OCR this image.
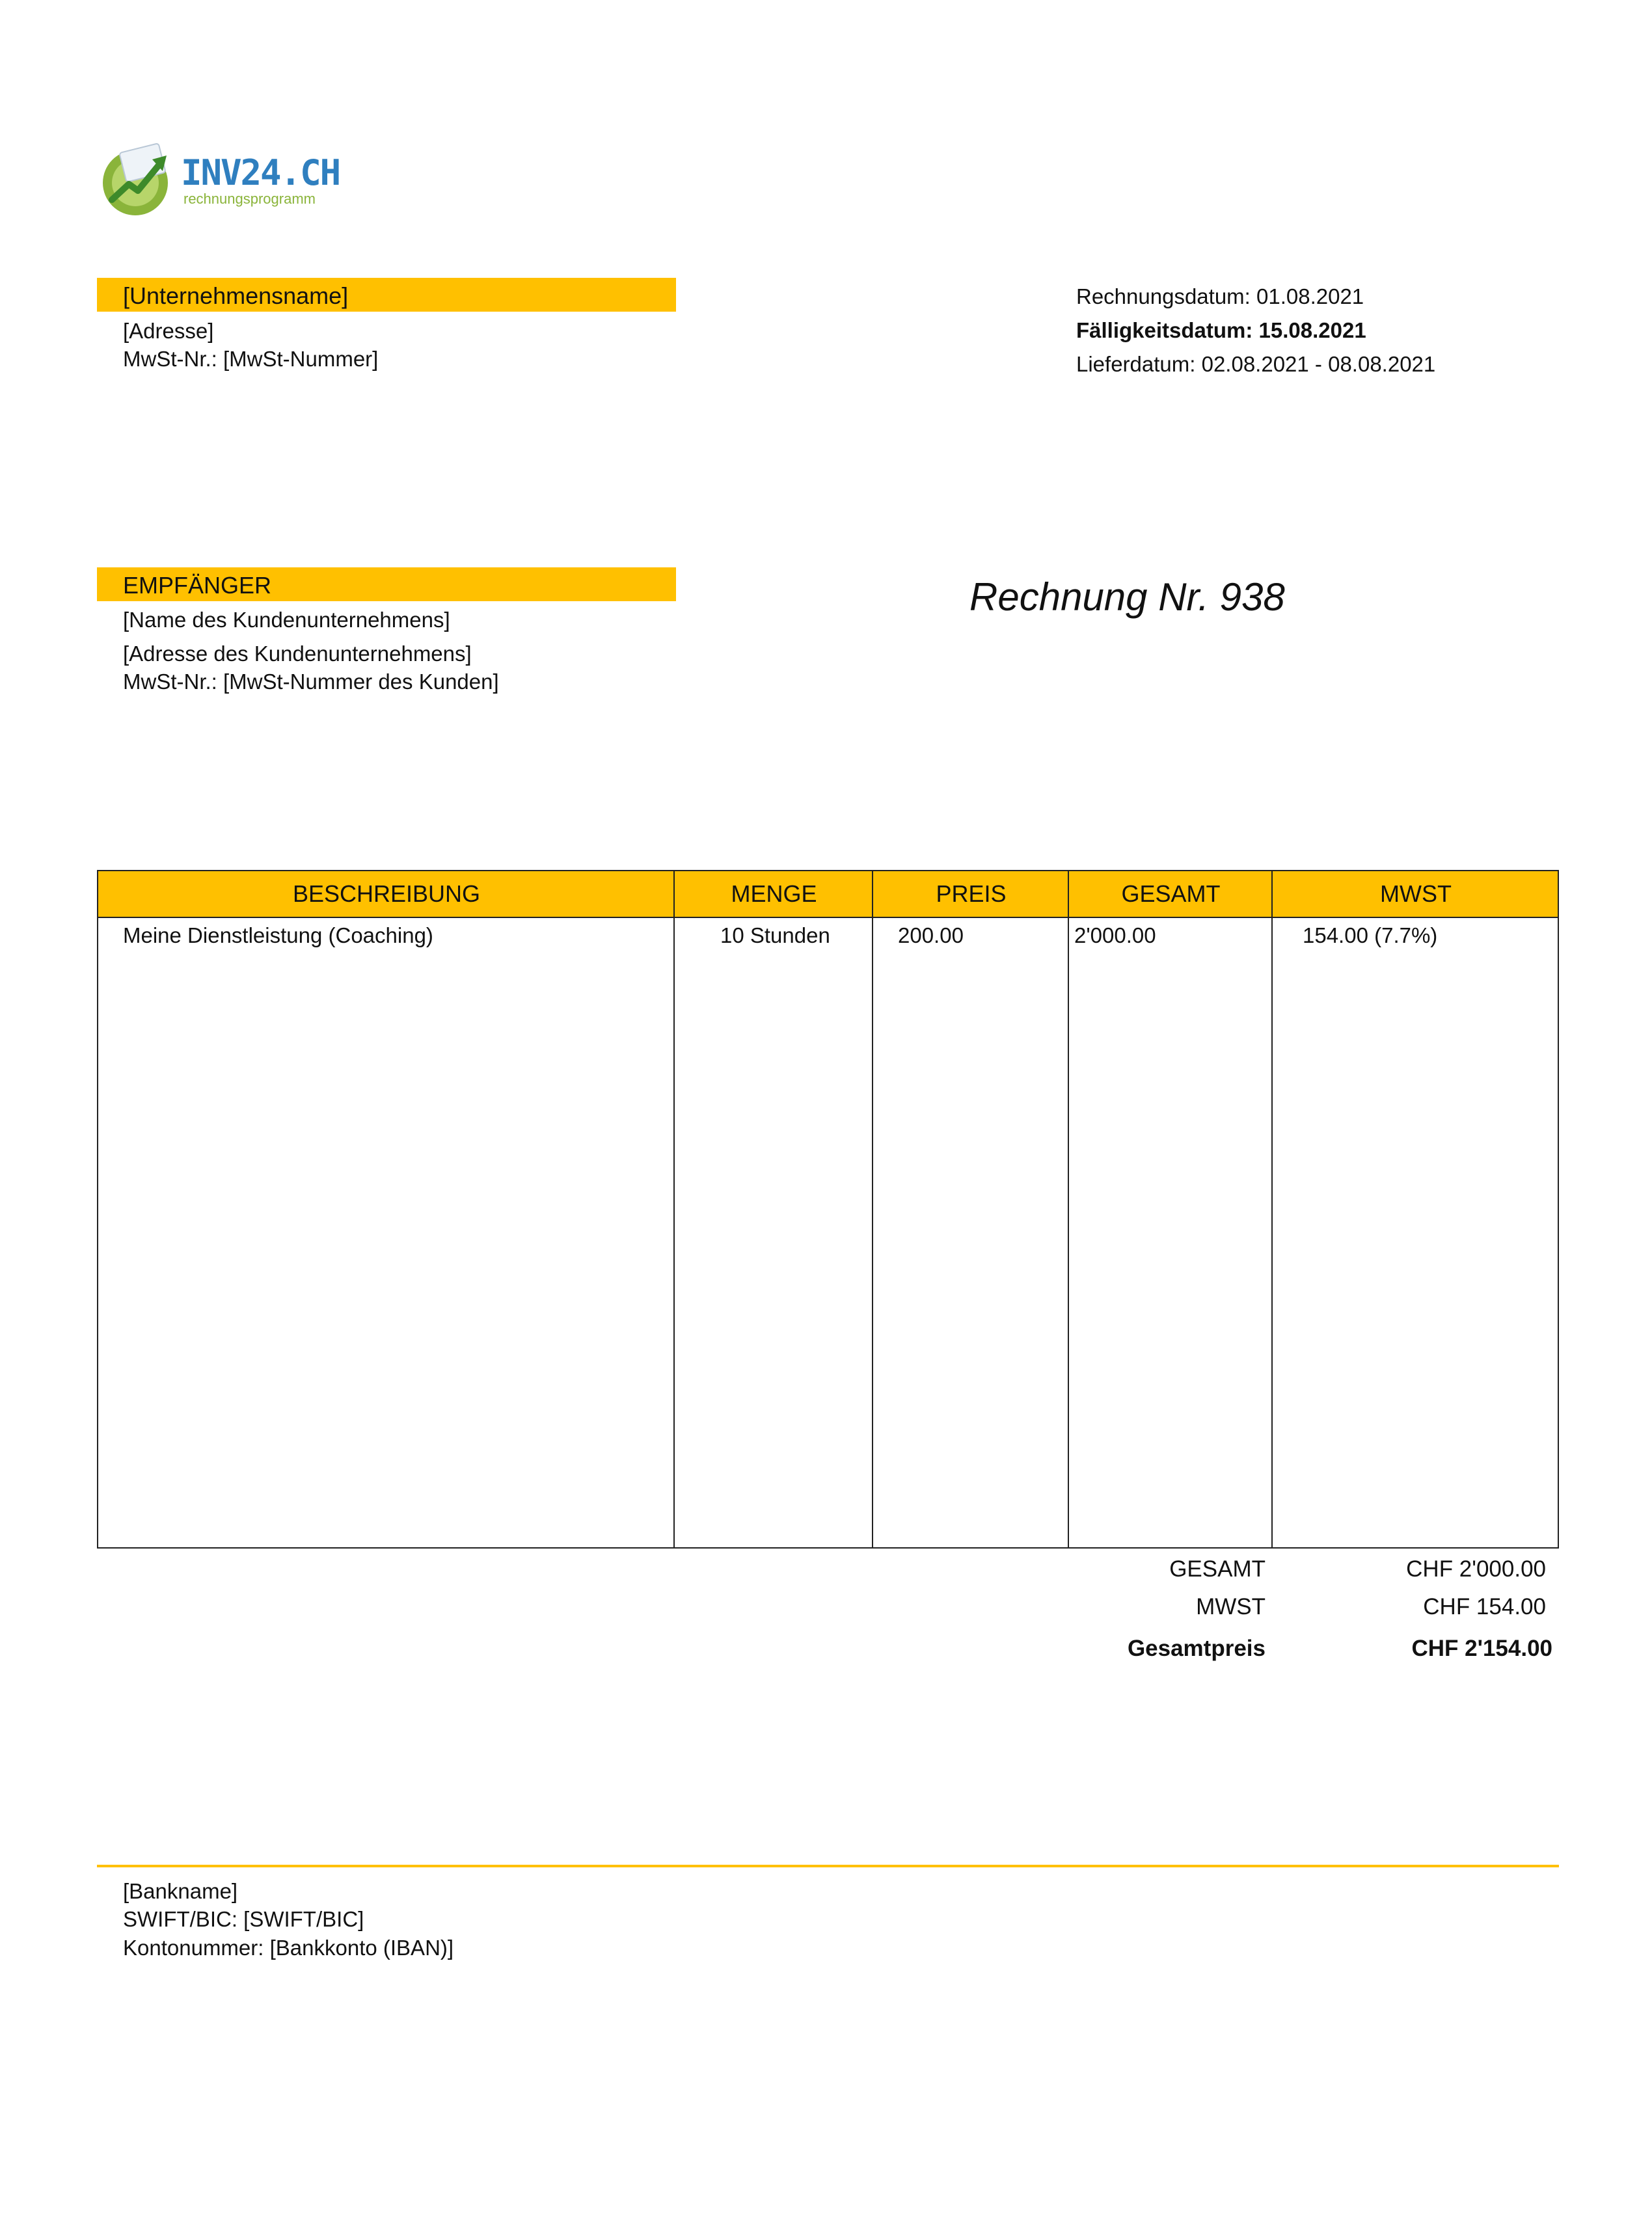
INV24.CH
rechnungsprogramm
[Unternehmensname]
[Adresse]
MwSt-Nr.: [MwSt-Nummer]
Rechnungsdatum: 01.08.2021
Fälligkeitsdatum: 15.08.2021
Lieferdatum: 02.08.2021 - 08.08.2021
EMPFÄNGER
[Name des Kundenunternehmens]
[Adresse des Kundenunternehmens]
MwSt-Nr.: [MwSt-Nummer des Kunden]
Rechnung Nr. 938
BESCHREIBUNG	MENGE	PREIS	GESAMT	MWST
Meine Dienstleistung (Coaching)	10 Stunden	200.00	2'000.00	154.00 (7.7%)
GESAMT	CHF 2'000.00
MWST	CHF 154.00
Gesamtpreis	CHF 2'154.00
[Bankname]
SWIFT/BIC: [SWIFT/BIC]
Kontonummer: [Bankkonto (IBAN)]
